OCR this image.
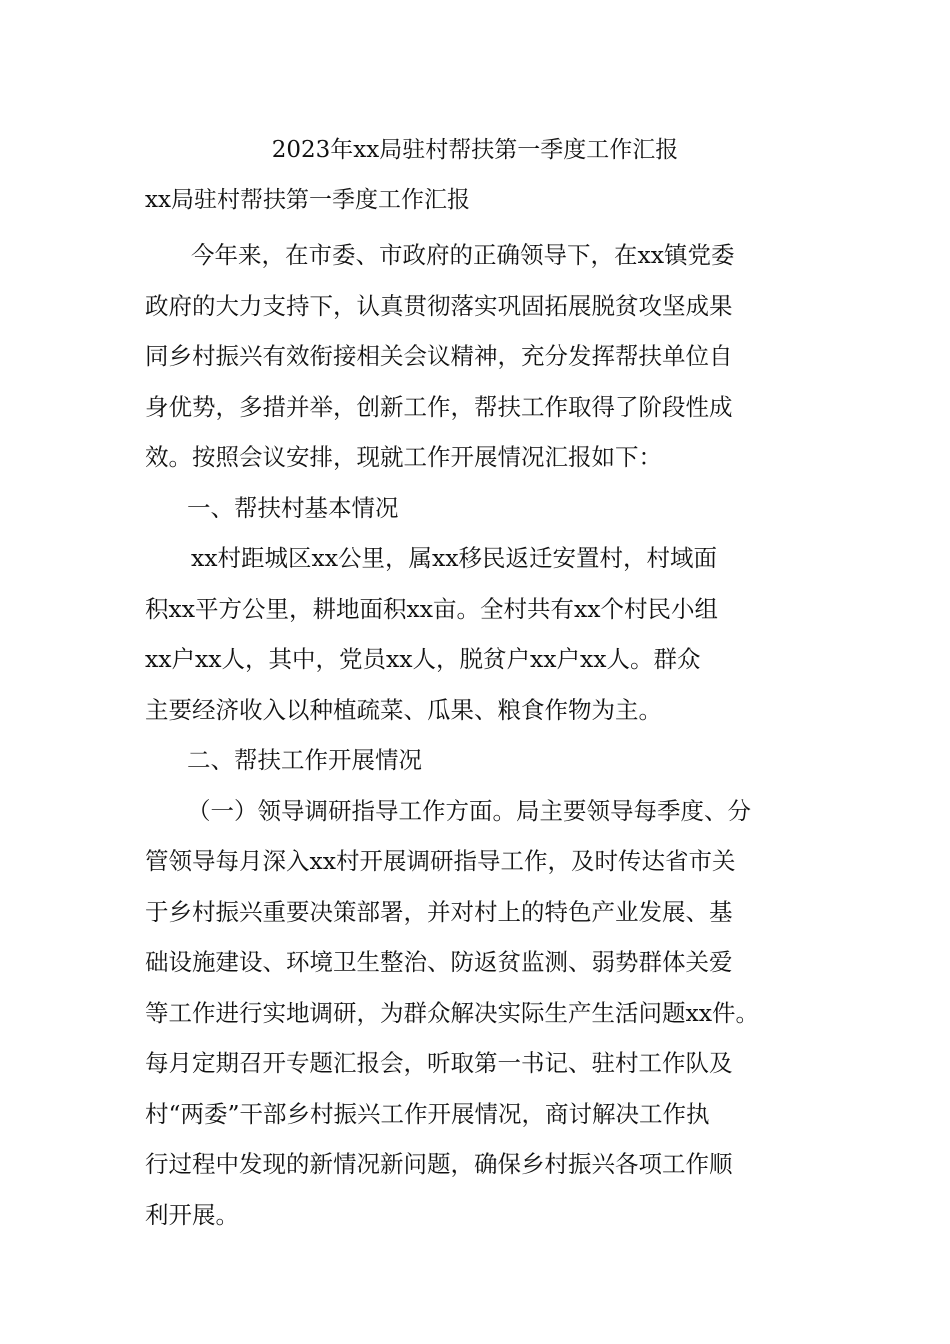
2023年xx局驻村帮扶第一季度工作汇报
xx局驻村帮扶第一季度工作汇报
今年来，在市委、市政府的正确领导下，在xx镇党委
政府的大力支持下，认真贯彻落实巩固拓展脱贫攻坚成果
同乡村振兴有效衔接相关会议精神，充分发挥帮扶单位自
身优势，多措并举，创新工作，帮扶工作取得了阶段性成
效。按照会议安排，现就工作开展情况汇报如下：
一、帮扶村基本情况
xx村距城区xx公里，属xx移民返迁安置村，村域面
积xx平方公里，耕地面积xx亩。全村共有xx个村民小组
xx户xx人，其中，党员xx人，脱贫户xx户xx人。群众
主要经济收入以种植疏菜、瓜果、粮食作物为主。
二、帮扶工作开展情况
（一）领导调研指导工作方面。局主要领导每季度、分
管领导每月深入xx村开展调研指导工作，及时传达省市关
于乡村振兴重要决策部署，并对村上的特色产业发展、基
础设施建设、环境卫生整治、防返贫监测、弱势群体关爱
等工作进行实地调研，为群众解决实际生产生活问题xx件。
每月定期召开专题汇报会，听取第一书记、驻村工作队及
村“两委”干部乡村振兴工作开展情况，商讨解决工作执
行过程中发现的新情况新问题，确保乡村振兴各项工作顺
利开展。
